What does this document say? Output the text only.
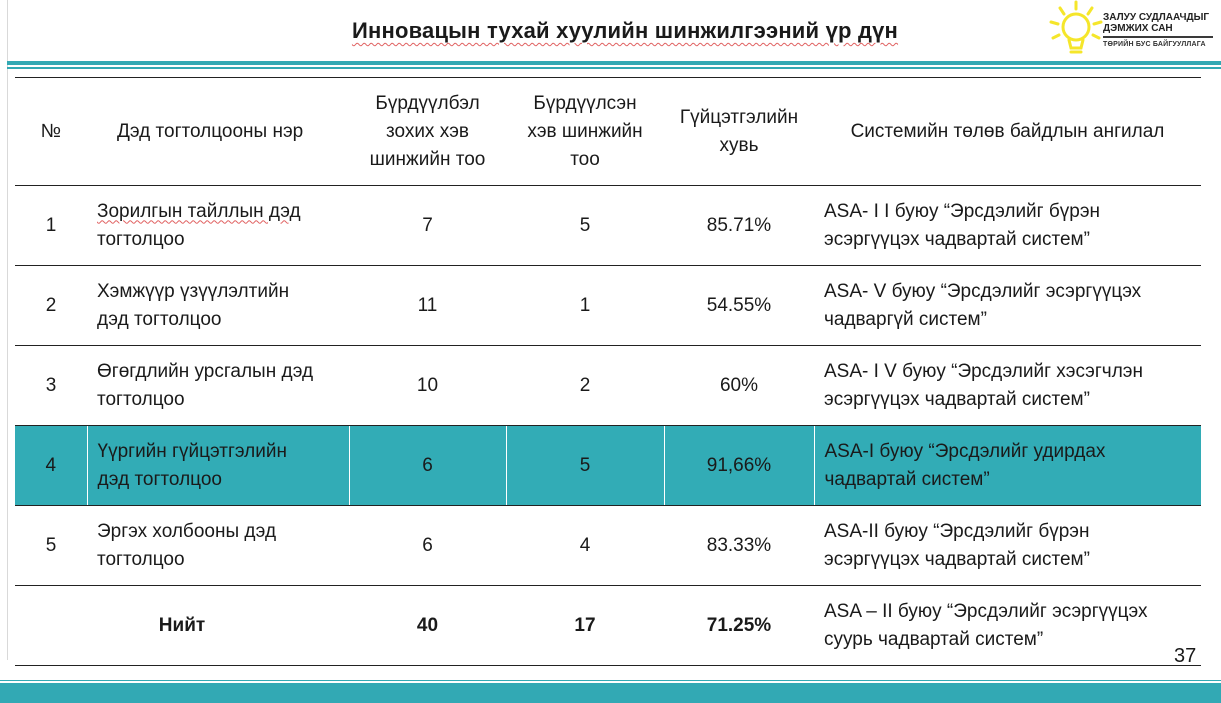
Инновацын тухай хуулийн шинжилгээний үр дүн
ЗАЛУУ СУДЛААЧДЫГ
ДЭМЖИХ САН
ТӨРИЙН БУС БАЙГУУЛЛАГА
№	Дэд тогтолцооны нэр	Бүрдүүлбэл
зохих хэв
шинжийн тоо	Бүрдүүлсэн
хэв шинжийн
тоо	Гүйцэтгэлийн
хувь	Системийн төлөв байдлын ангилал
1	Зорилгын тайллын дэд
тогтолцоо	7	5	85.71%	ASA- I I буюу “Эрсдэлийг бүрэн
эсэргүүцэх чадвартай систем”
2	Хэмжүүр үзүүлэлтийн
дэд тогтолцоо	11	1	54.55%	ASA- V буюу “Эрсдэлийг эсэргүүцэх
чадваргүй систем”
3	Өгөгдлийн урсгалын дэд
тогтолцоо	10	2	60%	ASA- I V буюу “Эрсдэлийг хэсэгчлэн
эсэргүүцэх чадвартай систем”
4	Үүргийн гүйцэтгэлийн
дэд тогтолцоо	6	5	91,66%	ASA-I буюу “Эрсдэлийг удирдах
чадвартай систем”
5	Эргэх холбооны дэд
тогтолцоо	6	4	83.33%	ASA-II буюу “Эрсдэлийг бүрэн
эсэргүүцэх чадвартай систем”
Нийт		40	17	71.25%	ASA – II буюу “Эрсдэлийг эсэргүүцэх
суурь чадвартай систем”
37
